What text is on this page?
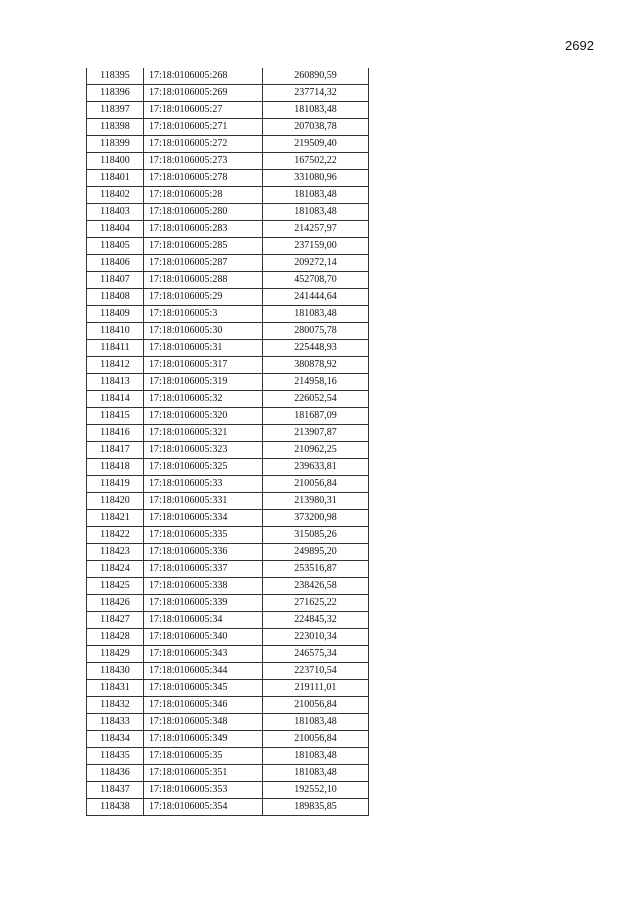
2692
118395	17:18:0106005:268	260890,59
118396	17:18:0106005:269	237714,32
118397	17:18:0106005:27	181083,48
118398	17:18:0106005:271	207038,78
118399	17:18:0106005:272	219509,40
118400	17:18:0106005:273	167502,22
118401	17:18:0106005:278	331080,96
118402	17:18:0106005:28	181083,48
118403	17:18:0106005:280	181083,48
118404	17:18:0106005:283	214257,97
118405	17:18:0106005:285	237159,00
118406	17:18:0106005:287	209272,14
118407	17:18:0106005:288	452708,70
118408	17:18:0106005:29	241444,64
118409	17:18:0106005:3	181083,48
118410	17:18:0106005:30	280075,78
118411	17:18:0106005:31	225448,93
118412	17:18:0106005:317	380878,92
118413	17:18:0106005:319	214958,16
118414	17:18:0106005:32	226052,54
118415	17:18:0106005:320	181687,09
118416	17:18:0106005:321	213907,87
118417	17:18:0106005:323	210962,25
118418	17:18:0106005:325	239633,81
118419	17:18:0106005:33	210056,84
118420	17:18:0106005:331	213980,31
118421	17:18:0106005:334	373200,98
118422	17:18:0106005:335	315085,26
118423	17:18:0106005:336	249895,20
118424	17:18:0106005:337	253516,87
118425	17:18:0106005:338	238426,58
118426	17:18:0106005:339	271625,22
118427	17:18:0106005:34	224845,32
118428	17:18:0106005:340	223010,34
118429	17:18:0106005:343	246575,34
118430	17:18:0106005:344	223710,54
118431	17:18:0106005:345	219111,01
118432	17:18:0106005:346	210056,84
118433	17:18:0106005:348	181083,48
118434	17:18:0106005:349	210056,84
118435	17:18:0106005:35	181083,48
118436	17:18:0106005:351	181083,48
118437	17:18:0106005:353	192552,10
118438	17:18:0106005:354	189835,85
